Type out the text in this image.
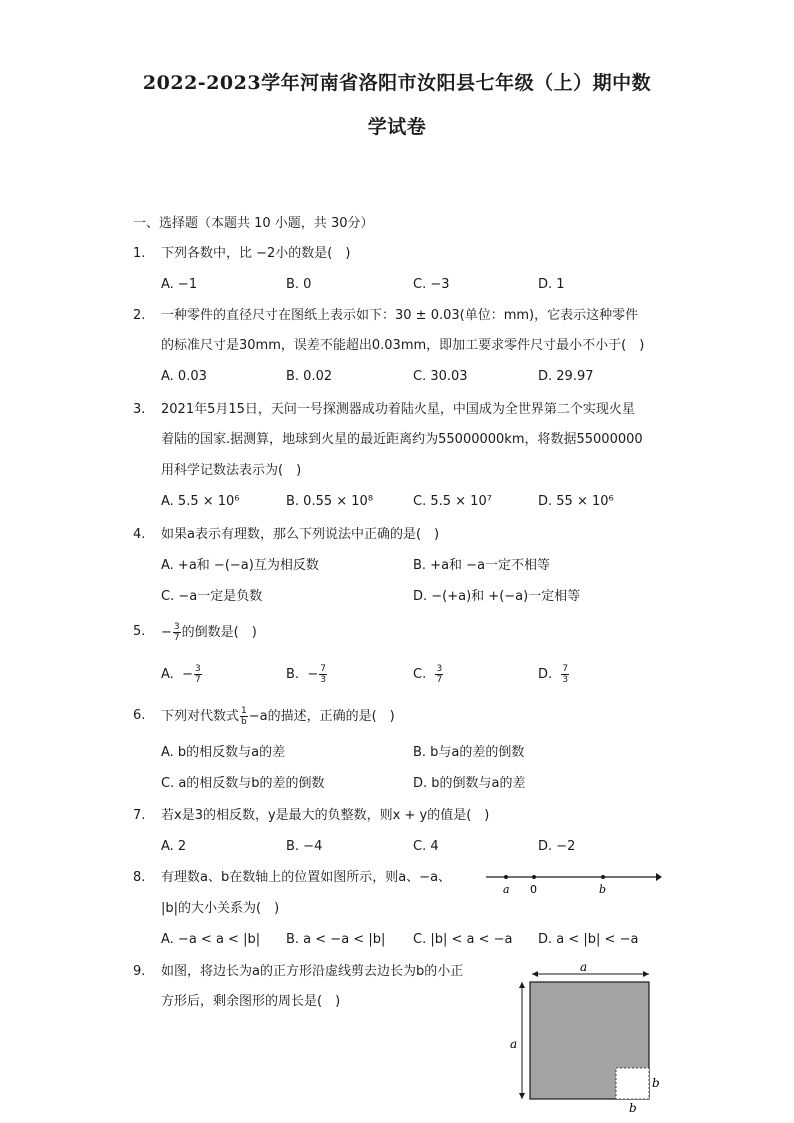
2022-2023学年河南省洛阳市汝阳县七年级（上）期中数
学试卷
一、选择题（本题共 10 小题，共 30分）
1.	下列各数中，比 −2小的数是(　)
A. −1	B. 0	C. −3	D. 1
2.	一种零件的直径尺寸在图纸上表示如下：30 ± 0.03(单位：mm)，它表示这种零件
的标准尺寸是30mm，误差不能超出0.03mm，即加工要求零件尺寸最小不小于(　)
A. 0.03	B. 0.02	C. 30.03	D. 29.97
3.	2021年5月15日，天问一号探测器成功着陆火星，中国成为全世界第二个实现火星
着陆的国家.据测算，地球到火星的最近距离约为55000000km，将数据55000000
用科学记数法表示为(　)
A. 5.5 × 10⁶	B. 0.55 × 10⁸	C. 5.5 × 10⁷	D. 55 × 10⁶
4.	如果a表示有理数，那么下列说法中正确的是(　)
A. +a和 −(−a)互为相反数	B. +a和 −a一定不相等
C. −a一定是负数	D. −(+a)和 +(−a)一定相等
5.	− $\frac{3}{7}$ 的倒数是(　)
A. − $\frac{3}{7}$	B. − $\frac{7}{3}$	C. $\frac{3}{7}$	D. $\frac{7}{3}$
6.	下列对代数式 $\frac{1}{b} -a$的描述，正确的是(　)
A. b的相反数与a的差	B. b与a的差的倒数
C. a的相反数与b的差的倒数	D. b的倒数与a的差
7.	若x是3的相反数，y是最大的负整数，则x + y的值是(　)
A. 2	B. −4	C. 4	D. −2
8.	有理数a、b在数轴上的位置如图所示，则a、−a、
|b|的大小关系为(　)
A. −a < a < |b| B. a < −a < |b| C. |b| < a < −a D. a < |b| < −a
a 0	b
9.	如图，将边长为a的正方形沿虚线剪去边长为b的小正
方形后，剩余图形的周长是(　)
a
a
b
b
